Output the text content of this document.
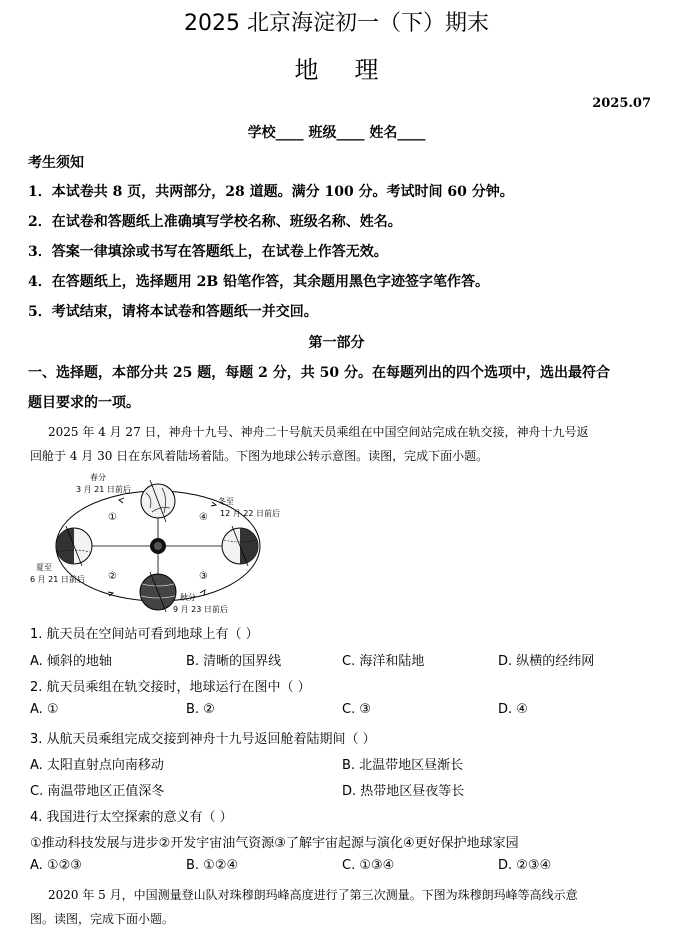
2025 北京海淀初一（下）期末
地理
2025.07
学校____ 班级____ 姓名____
考生须知
1．本试卷共 8 页，共两部分，28 道题。满分 100 分。考试时间 60 分钟。
2．在试卷和答题纸上准确填写学校名称、班级名称、姓名。
3．答案一律填涂或书写在答题纸上，在试卷上作答无效。
4．在答题纸上，选择题用 2B 铅笔作答，其余题用黑色字迹签字笔作答。
5．考试结束，请将本试卷和答题纸一并交回。
第一部分
一、选择题，本部分共 25 题，每题 2 分，共 50 分。在每题列出的四个选项中，选出最符合
题目要求的一项。
2025 年 4 月 27 日，神舟十九号、神舟二十号航天员乘组在中国空间站完成在轨交接，神舟十九号返
回舱于 4 月 30 日在东风着陆场着陆。下图为地球公转示意图。读图，完成下面小题。
春分
3 月 21 日前后
冬至
12 月 22 日前后
夏至
6 月 21 日前后
秋分
9 月 23 日前后
①
②	③
④
1. 航天员在空间站可看到地球上有（ ）
A. 倾斜的地轴	B. 清晰的国界线	C. 海洋和陆地	D. 纵横的经纬网
2. 航天员乘组在轨交接时，地球运行在图中（ ）
A. ①	B. ②	C. ③	D. ④
3. 从航天员乘组完成交接到神舟十九号返回舱着陆期间（ ）
A. 太阳直射点向南移动	B. 北温带地区昼渐长
C. 南温带地区正值深冬	D. 热带地区昼夜等长
4. 我国进行太空探索的意义有（ ）
①推动科技发展与进步②开发宇宙油气资源③了解宇宙起源与演化④更好保护地球家园
A. ①②③	B. ①②④	C. ①③④	D. ②③④
2020 年 5 月，中国测量登山队对珠穆朗玛峰高度进行了第三次测量。下图为珠穆朗玛峰等高线示意
图。读图，完成下面小题。
